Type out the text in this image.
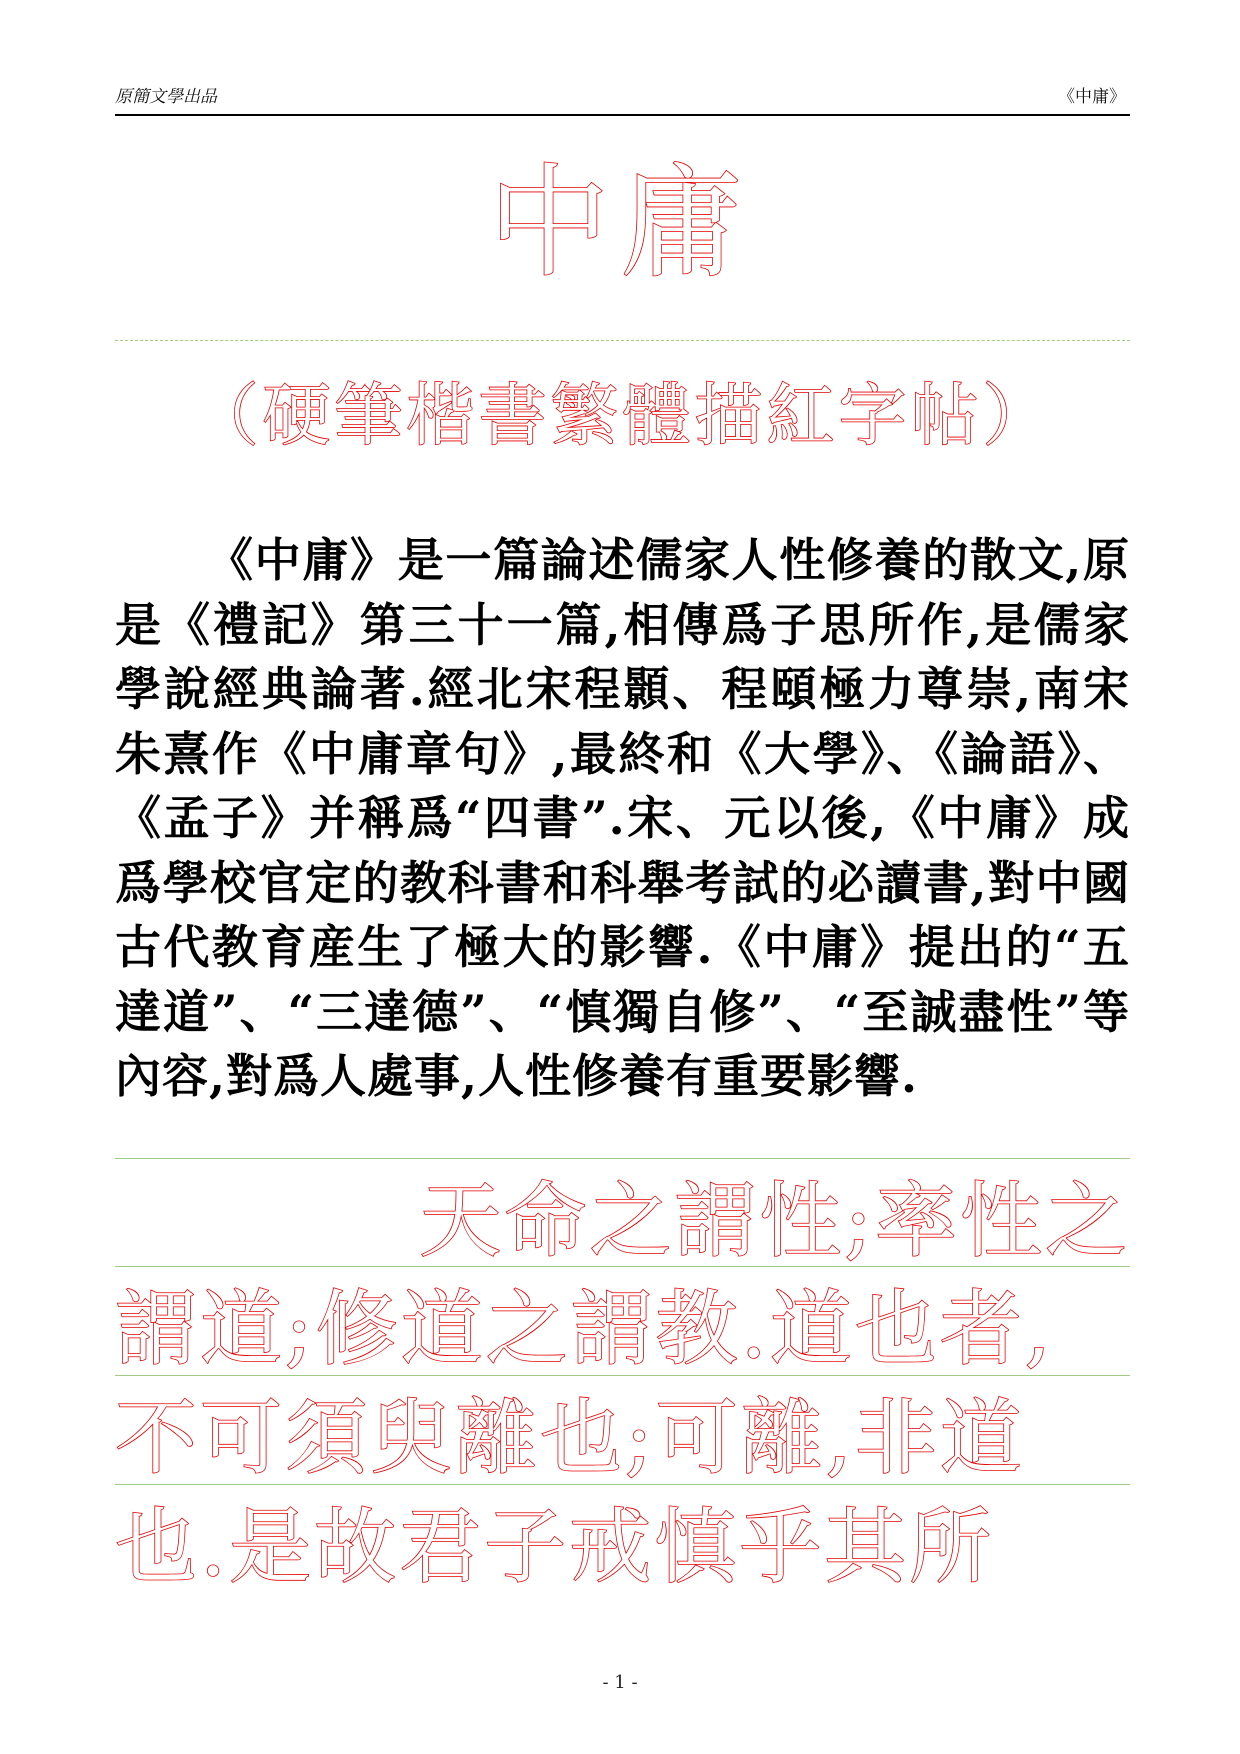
原簡文學出品	《中庸》
中庸
（硬筆楷書繁體描紅字帖）

《中庸》是一篇論述儒家人性修養的散文,原是《禮記》第三十一篇,相傳爲子思所作,是儒家學說經典論著.經北宋程顥、程頤極力尊崇,南宋朱熹作《中庸章句》,最終和《大學》、《論語》、《孟子》并稱爲“四書”.宋、元以後,《中庸》成爲學校官定的教科書和科舉考試的必讀書,對中國古代教育産生了極大的影響.《中庸》提出的“五達道”、“三達德”、“慎獨自修”、“至誠盡性”等內容,對爲人處事,人性修養有重要影響.

天命之謂性;率性之
謂道;修道之謂教.道也者,
不可須臾離也;可離,非道
也.是故君子戒慎乎其所
- 1 -
